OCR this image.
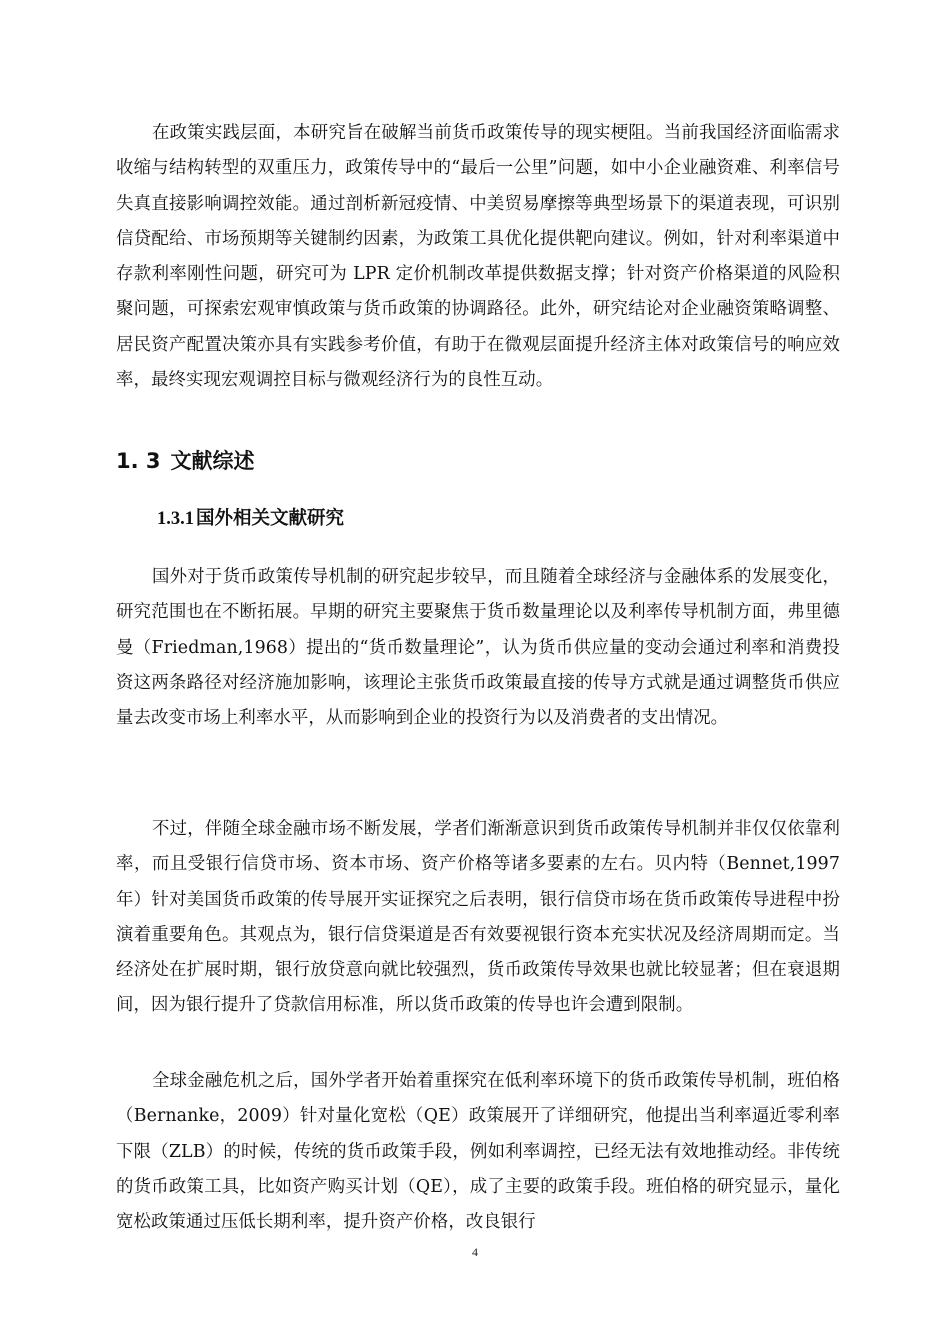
在政策实践层面，本研究旨在破解当前货币政策传导的现实梗阻。当前我国经济面临需求收缩与结构转型的双重压力，政策传导中的“最后一公里”问题，如中小企业融资难、利率信号失真直接影响调控效能。通过剖析新冠疫情、中美贸易摩擦等典型场景下的渠道表现，可识别信贷配给、市场预期等关键制约因素，为政策工具优化提供靶向建议。例如，针对利率渠道中存款利率刚性问题，研究可为 LPR 定价机制改革提供数据支撑；针对资产价格渠道的风险积聚问题，可探索宏观审慎政策与货币政策的协调路径。此外，研究结论对企业融资策略调整、居民资产配置决策亦具有实践参考价值，有助于在微观层面提升经济主体对政策信号的响应效率，最终实现宏观调控目标与微观经济行为的良性互动。

1. 3 文献综述
1.3.1 国外相关文献研究

国外对于货币政策传导机制的研究起步较早，而且随着全球经济与金融体系的发展变化，研究范围也在不断拓展。早期的研究主要聚焦于货币数量理论以及利率传导机制方面，弗里德曼（Friedman,1968）提出的“货币数量理论”，认为货币供应量的变动会通过利率和消费投资这两条路径对经济施加影响，该理论主张货币政策最直接的传导方式就是通过调整货币供应量去改变市场上利率水平，从而影响到企业的投资行为以及消费者的支出情况。

不过，伴随全球金融市场不断发展，学者们渐渐意识到货币政策传导机制并非仅仅依靠利率，而且受银行信贷市场、资本市场、资产价格等诸多要素的左右。贝内特（Bennet,1997 年）针对美国货币政策的传导展开实证探究之后表明，银行信贷市场在货币政策传导进程中扮演着重要角色。其观点为，银行信贷渠道是否有效要视银行资本充实状况及经济周期而定。当经济处在扩展时期，银行放贷意向就比较强烈，货币政策传导效果也就比较显著；但在衰退期间，因为银行提升了贷款信用标准，所以货币政策的传导也许会遭到限制。

全球金融危机之后，国外学者开始着重探究在低利率环境下的货币政策传导机制，班伯格（Bernanke，2009）针对量化宽松（QE）政策展开了详细研究，他提出当利率逼近零利率下限（ZLB）的时候，传统的货币政策手段，例如利率调控，已经无法有效地推动经。非传统的货币政策工具，比如资产购买计划（QE），成了主要的政策手段。班伯格的研究显示，量化宽松政策通过压低长期利率，提升资产价格，改良银行

4
